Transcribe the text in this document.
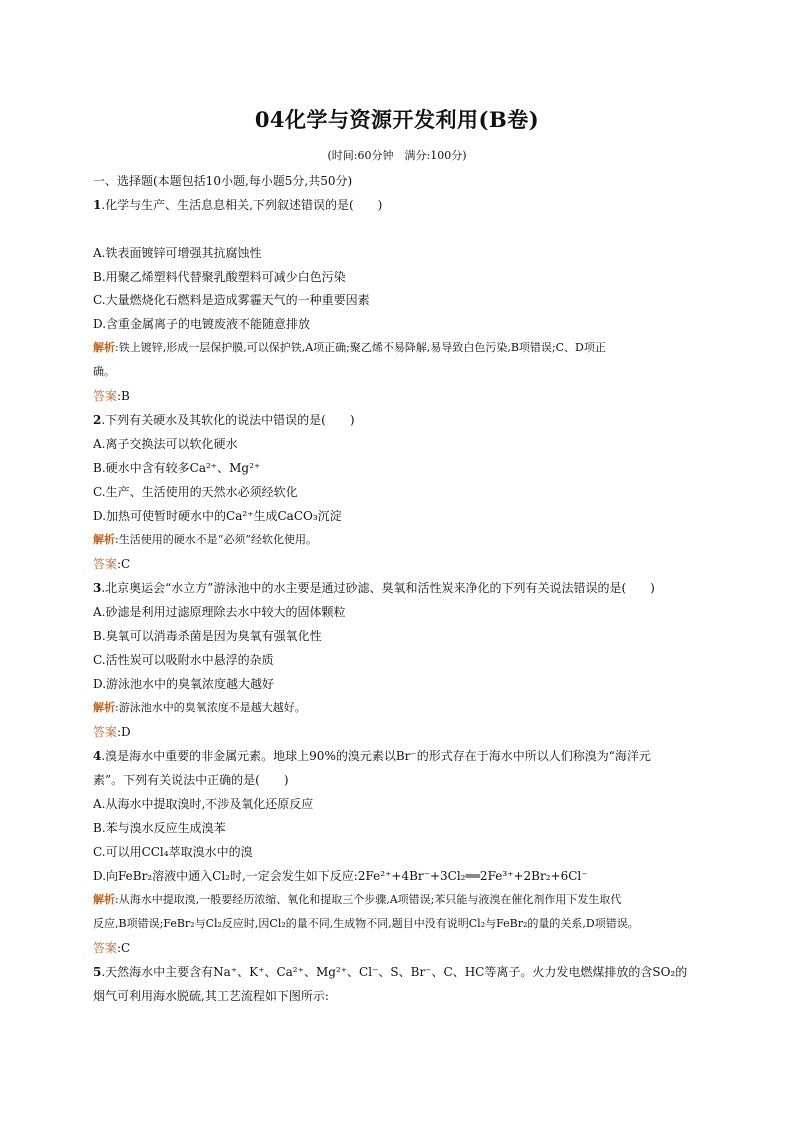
04化学与资源开发利用(B卷)
(时间:60分钟　满分:100分)
一、选择题(本题包括10小题,每小题5分,共50分)
1.化学与生产、生活息息相关,下列叙述错误的是(　　)
A.铁表面镀锌可增强其抗腐蚀性
B.用聚乙烯塑料代替聚乳酸塑料可减少白色污染
C.大量燃烧化石燃料是造成雾霾天气的一种重要因素
D.含重金属离子的电镀废液不能随意排放
解析:铁上镀锌,形成一层保护膜,可以保护铁,A项正确;聚乙烯不易降解,易导致白色污染,B项错误;C、D项正
确。
答案:B
2.下列有关硬水及其软化的说法中错误的是(　　)
A.离子交换法可以软化硬水
B.硬水中含有较多Ca²⁺、Mg²⁺
C.生产、生活使用的天然水必须经软化
D.加热可使暂时硬水中的Ca²⁺生成CaCO₃沉淀
解析:生活使用的硬水不是“必须”经软化使用。
答案:C
3.北京奥运会“水立方”游泳池中的水主要是通过砂滤、臭氧和活性炭来净化的下列有关说法错误的是(　　)
A.砂滤是利用过滤原理除去水中较大的固体颗粒
B.臭氧可以消毒杀菌是因为臭氧有强氧化性
C.活性炭可以吸附水中悬浮的杂质
D.游泳池水中的臭氧浓度越大越好
解析:游泳池水中的臭氧浓度不是越大越好。
答案:D
4.溴是海水中重要的非金属元素。地球上90%的溴元素以Br⁻的形式存在于海水中所以人们称溴为“海洋元
素”。下列有关说法中正确的是(　　)
A.从海水中提取溴时,不涉及氧化还原反应
B.苯与溴水反应生成溴苯
C.可以用CCl₄萃取溴水中的溴
D.向FeBr₂溶液中通入Cl₂时,一定会发生如下反应:2Fe²⁺+4Br⁻+3Cl₂══2Fe³⁺+2Br₂+6Cl⁻
解析:从海水中提取溴,一般要经历浓缩、氧化和提取三个步骤,A项错误;苯只能与液溴在催化剂作用下发生取代
反应,B项错误;FeBr₂与Cl₂反应时,因Cl₂的量不同,生成物不同,题目中没有说明Cl₂与FeBr₂的量的关系,D项错误。
答案:C
5.天然海水中主要含有Na⁺、K⁺、Ca²⁺、Mg²⁺、Cl⁻、S、Br⁻、C、HC等离子。火力发电燃煤排放的含SO₂的
烟气可利用海水脱硫,其工艺流程如下图所示:
